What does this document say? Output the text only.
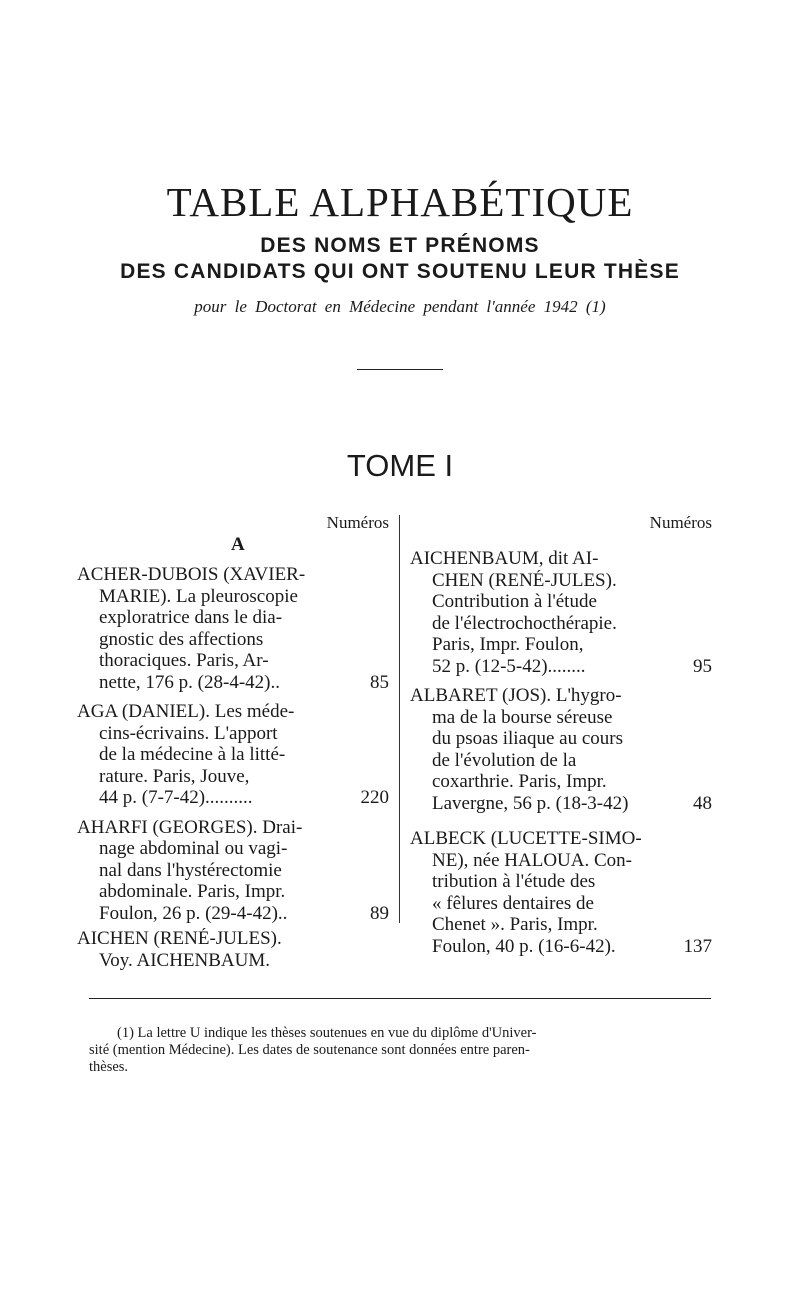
TABLE ALPHABÉTIQUE
DES NOMS ET PRÉNOMS
DES CANDIDATS QUI ONT SOUTENU LEUR THÈSE
pour le Doctorat en Médecine pendant l'année 1942 (1)
TOME I
Numéros
A
ACHER-DUBOIS (XAVIER-
MARIE). La pleuroscopie
exploratrice dans le dia-
gnostic des affections
thoraciques. Paris, Ar-
nette, 176 p. (28-4-42)..	85
AGA (DANIEL). Les méde-
cins-écrivains. L'apport
de la médecine à la litté-
rature. Paris, Jouve,
44 p. (7-7-42)..........	220
AHARFI (GEORGES). Drai-
nage abdominal ou vagi-
nal dans l'hystérectomie
abdominale. Paris, Impr.
Foulon, 26 p. (29-4-42)..	89
AICHEN (RENÉ-JULES).
Voy. AICHENBAUM.
Numéros
AICHENBAUM, dit AI-
CHEN (RENÉ-JULES).
Contribution à l'étude
de l'électrochocthérapie.
Paris, Impr. Foulon,
52 p. (12-5-42)........	95
ALBARET (JOS). L'hygro-
ma de la bourse séreuse
du psoas iliaque au cours
de l'évolution de la
coxarthrie. Paris, Impr.
Lavergne, 56 p. (18-3-42)	48
ALBECK (LUCETTE-SIMO-
NE), née HALOUA. Con-
tribution à l'étude des
« fêlures dentaires de
Chenet ». Paris, Impr.
Foulon, 40 p. (16-6-42).	137
(1) La lettre U indique les thèses soutenues en vue du diplôme d'Univer-
sité (mention Médecine). Les dates de soutenance sont données entre paren-
thèses.
